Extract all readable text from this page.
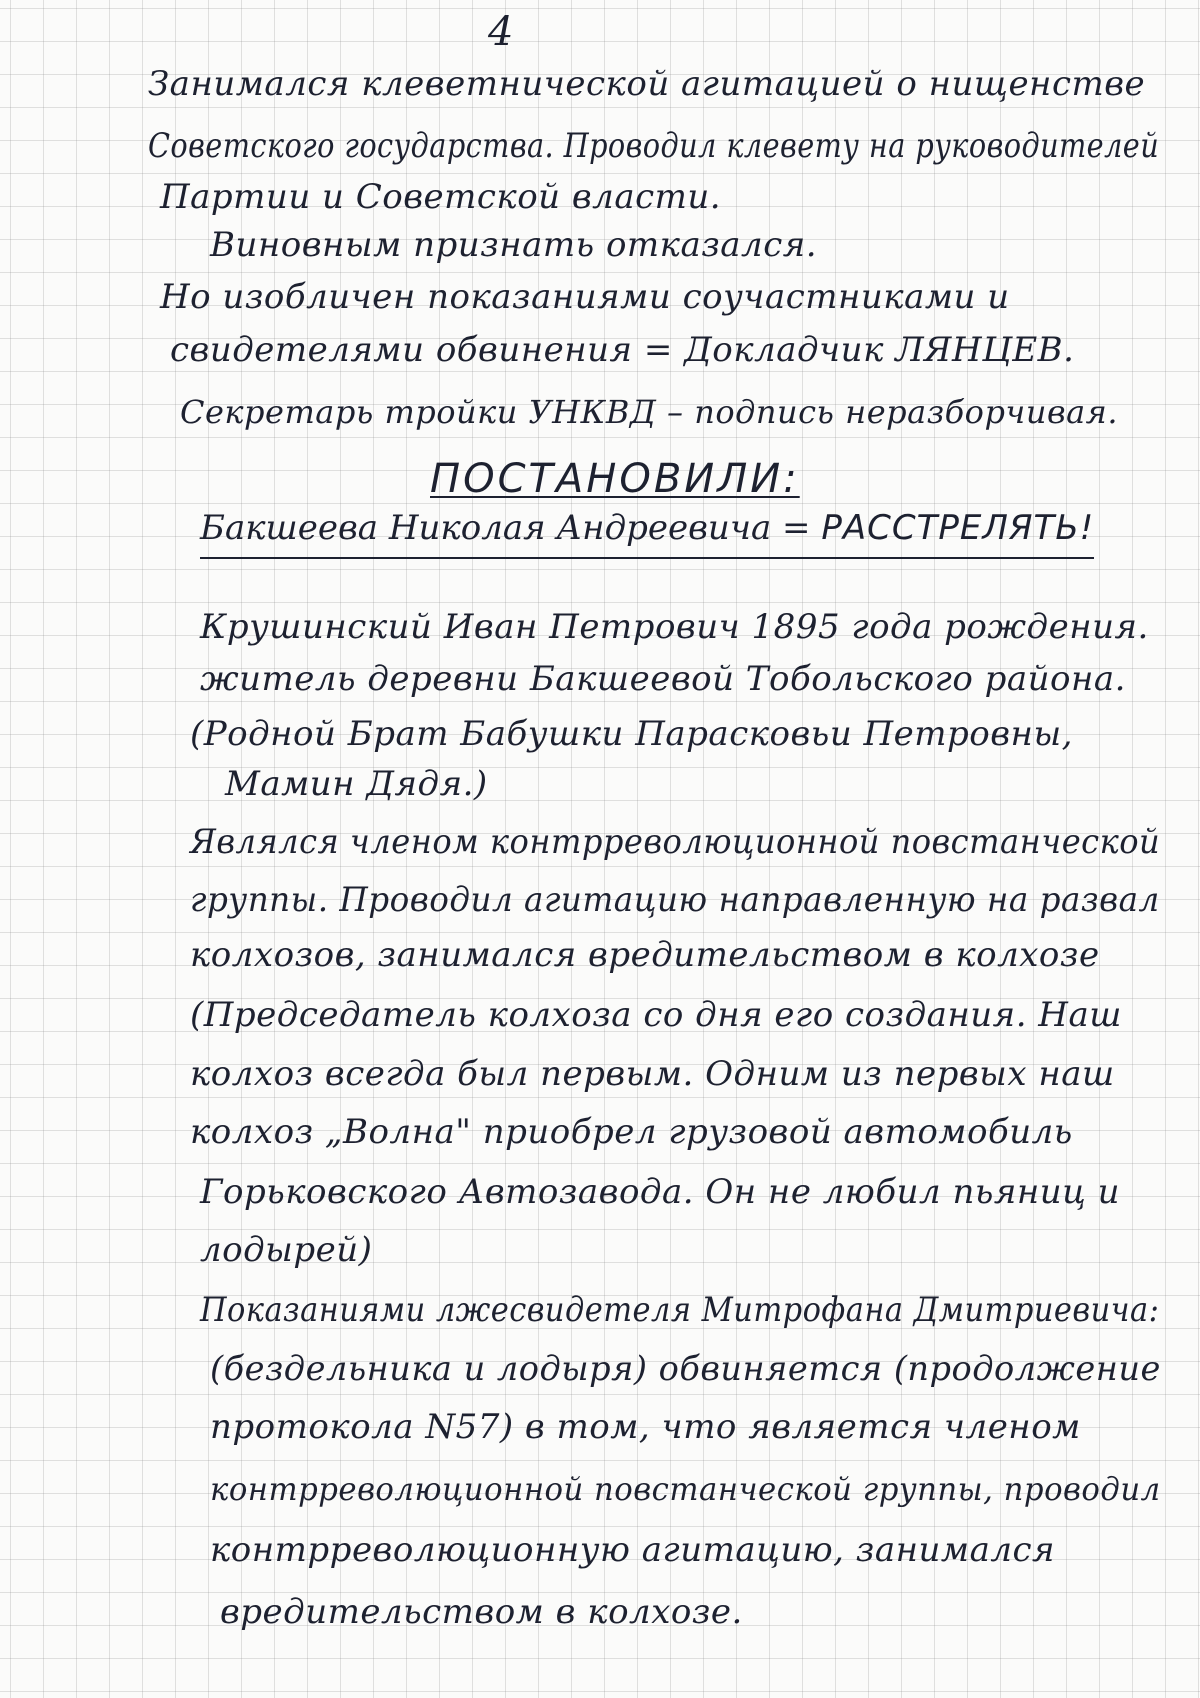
4
Занимался клеветнической агитацией о нищенстве
Советского государства. Проводил клевету на руководителей
Партии и Советской власти.
Виновным признать отказался.
Но изобличен показаниями соучастниками и
свидетелями обвинения = Докладчик ЛЯНЦЕВ.
Секретарь тройки УНКВД – подпись неразборчивая.
ПОСТАНОВИЛИ:
Бакшеева Николая Андреевича = РАССТРЕЛЯТЬ!
Крушинский Иван Петрович 1895 года рождения.
житель деревни Бакшеевой Тобольского района.
(Родной Брат Бабушки Парасковьи Петровны,
Мамин Дядя.)
Являлся членом контрреволюционной повстанческой
группы. Проводил агитацию направленную на развал
колхозов, занимался вредительством в колхозе
(Председатель колхоза со дня его создания. Наш
колхоз всегда был первым. Одним из первых наш
колхоз „Волна" приобрел грузовой автомобиль
Горьковского Автозавода. Он не любил пьяниц и
лодырей)
Показаниями лжесвидетеля Митрофана Дмитриевича:
(бездельника и лодыря) обвиняется (продолжение
протокола N57) в том, что является членом
контрреволюционной повстанческой группы, проводил
контрреволюционную агитацию, занимался
вредительством в колхозе.
